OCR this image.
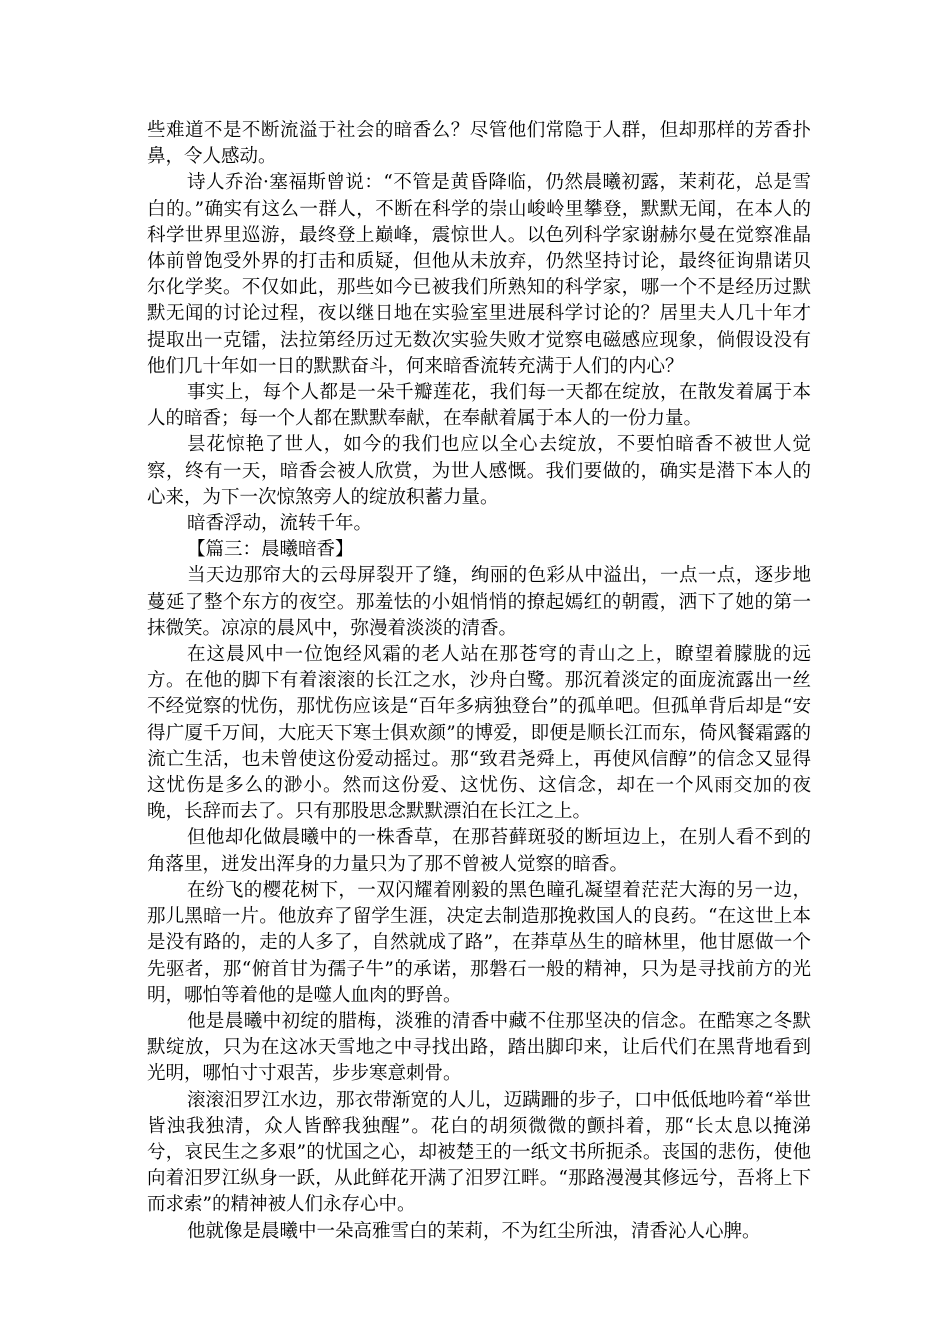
些难道不是不断流溢于社会的暗香么？尽管他们常隐于人群，但却那样的芳香扑鼻，令人感动。

诗人乔治·塞福斯曾说：“不管是黄昏降临，仍然晨曦初露，茉莉花，总是雪白的。”确实有这么一群人，不断在科学的崇山峻岭里攀登，默默无闻，在本人的科学世界里巡游，最终登上巅峰，震惊世人。以色列科学家谢赫尔曼在觉察准晶体前曾饱受外界的打击和质疑，但他从未放弃，仍然坚持讨论，最终征询鼎诺贝尔化学奖。不仅如此，那些如今已被我们所熟知的科学家，哪一个不是经历过默默无闻的讨论过程，夜以继日地在实验室里进展科学讨论的？居里夫人几十年才提取出一克镭，法拉第经历过无数次实验失败才觉察电磁感应现象，倘假设没有他们几十年如一日的默默奋斗，何来暗香流转充满于人们的内心？

事实上，每个人都是一朵千瓣莲花，我们每一天都在绽放，在散发着属于本人的暗香；每一个人都在默默奉献，在奉献着属于本人的一份力量。

昙花惊艳了世人，如今的我们也应以全心去绽放，不要怕暗香不被世人觉察，终有一天，暗香会被人欣赏，为世人感慨。我们要做的，确实是潜下本人的心来，为下一次惊煞旁人的绽放积蓄力量。

暗香浮动，流转千年。

【篇三：晨曦暗香】

当天边那帘大的云母屏裂开了缝，绚丽的色彩从中溢出，一点一点，逐步地蔓延了整个东方的夜空。那羞怯的小姐悄悄的撩起嫣红的朝霞，洒下了她的第一抹微笑。凉凉的晨风中，弥漫着淡淡的清香。

在这晨风中一位饱经风霜的老人站在那苍穹的青山之上，瞭望着朦胧的远方。在他的脚下有着滚滚的长江之水，沙舟白鹭。那沉着淡定的面庞流露出一丝不经觉察的忧伤，那忧伤应该是“百年多病独登台”的孤单吧。但孤单背后却是“安得广厦千万间，大庇天下寒士俱欢颜”的博爱，即便是顺长江而东，倚风餐霜露的流亡生活，也未曾使这份爱动摇过。那“致君尧舜上，再使风信醇”的信念又显得这忧伤是多么的渺小。然而这份爱、这忧伤、这信念，却在一个风雨交加的夜晚，长辞而去了。只有那股思念默默漂泊在长江之上。

但他却化做晨曦中的一株香草，在那苔藓斑驳的断垣边上，在别人看不到的角落里，迸发出浑身的力量只为了那不曾被人觉察的暗香。

在纷飞的樱花树下，一双闪耀着刚毅的黑色瞳孔凝望着茫茫大海的另一边，那儿黑暗一片。他放弃了留学生涯，决定去制造那挽救国人的良药。“在这世上本是没有路的，走的人多了，自然就成了路”，在莽草丛生的暗林里，他甘愿做一个先驱者，那“俯首甘为孺子牛”的承诺，那磐石一般的精神，只为是寻找前方的光明，哪怕等着他的是噬人血肉的野兽。

他是晨曦中初绽的腊梅，淡雅的清香中藏不住那坚决的信念。在酷寒之冬默默绽放，只为在这冰天雪地之中寻找出路，踏出脚印来，让后代们在黑背地看到光明，哪怕寸寸艰苦，步步寒意刺骨。

滚滚汨罗江水边，那衣带渐宽的人儿，迈蹒跚的步子，口中低低地吟着“举世皆浊我独清，众人皆醉我独醒”。花白的胡须微微的颤抖着，那“长太息以掩涕兮，哀民生之多艰”的忧国之心，却被楚王的一纸文书所扼杀。丧国的悲伤，使他向着汨罗江纵身一跃，从此鲜花开满了汨罗江畔。“那路漫漫其修远兮，吾将上下而求索”的精神被人们永存心中。

他就像是晨曦中一朵高雅雪白的茉莉，不为红尘所浊，清香沁人心脾。
